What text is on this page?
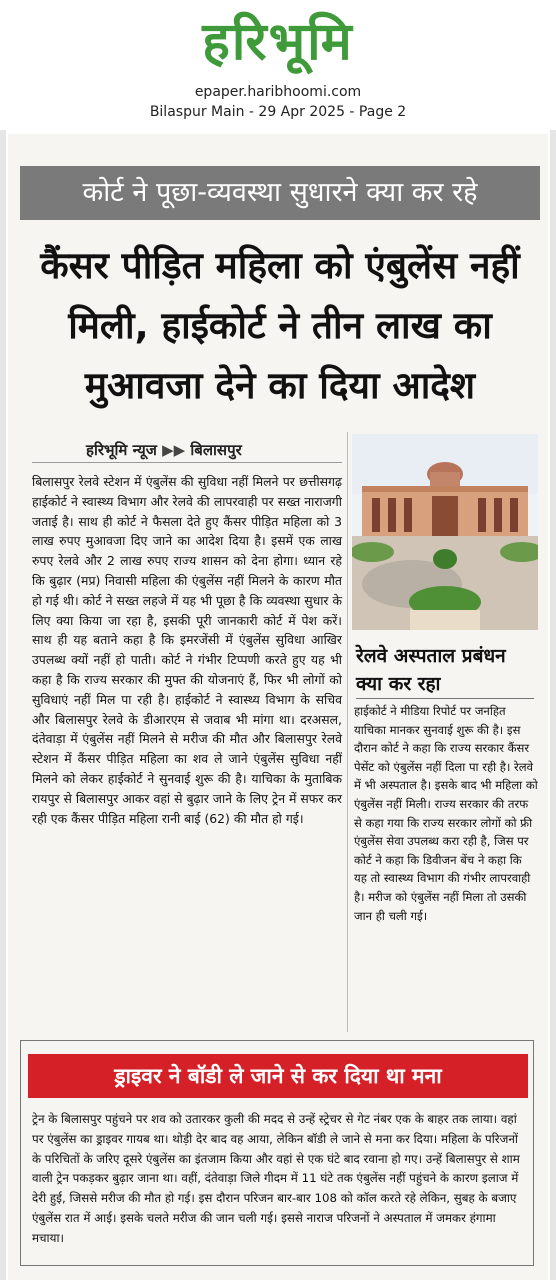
हरिभूमि
epaper.haribhoomi.com
Bilaspur Main - 29 Apr 2025 - Page 2
कोर्ट ने पूछा-व्यवस्था सुधारने क्या कर रहे
कैंसर पीड़ित महिला को एंबुलेंस नहीं मिली, हाईकोर्ट ने तीन लाख का मुआवजा देने का दिया आदेश
हरिभूमि न्यूज ▶▶ बिलासपुर
बिलासपुर रेलवे स्टेशन में एंबुलेंस की सुविधा नहीं मिलने पर छत्तीसगढ़ हाईकोर्ट ने स्वास्थ्य विभाग और रेलवे की लापरवाही पर सख्त नाराजगी जताई है। साथ ही कोर्ट ने फैसला देते हुए कैंसर पीड़ित महिला को 3 लाख रुपए मुआवजा दिए जाने का आदेश दिया है। इसमें एक लाख रुपए रेलवे और 2 लाख रुपए राज्य शासन को देना होगा। ध्यान रहे कि बुढ़ार (मप्र) निवासी महिला की एंबुलेंस नहीं मिलने के कारण मौत हो गई थी। कोर्ट ने सख्त लहजे में यह भी पूछा है कि व्यवस्था सुधार के लिए क्या किया जा रहा है, इसकी पूरी जानकारी कोर्ट में पेश करें। साथ ही यह बताने कहा है कि इमरजेंसी में एंबुलेंस सुविधा आखिर उपलब्ध क्यों नहीं हो पाती। कोर्ट ने गंभीर टिप्पणी करते हुए यह भी कहा है कि राज्य सरकार की मुफ्त की योजनाएं हैं, फिर भी लोगों को सुविधाएं नहीं मिल पा रही है। हाईकोर्ट ने स्वास्थ्य विभाग के सचिव और बिलासपुर रेलवे के डीआरएम से जवाब भी मांगा था। दरअसल, दंतेवाड़ा में एंबुलेंस नहीं मिलने से मरीज की मौत और बिलासपुर रेलवे स्टेशन में कैंसर पीड़ित महिला का शव ले जाने एंबुलेंस सुविधा नहीं मिलने को लेकर हाईकोर्ट ने सुनवाई शुरू की है। याचिका के मुताबिक रायपुर से बिलासपुर आकर वहां से बुढ़ार जाने के लिए ट्रेन में सफर कर रही एक कैंसर पीड़ित महिला रानी बाई (62) की मौत हो गई।
रेलवे अस्पताल प्रबंधन क्या कर रहा
हाईकोर्ट ने मीडिया रिपोर्ट पर जनहित याचिका मानकर सुनवाई शुरू की है। इस दौरान कोर्ट ने कहा कि राज्य सरकार कैंसर पेसेंट को एंबुलेंस नहीं दिला पा रही है। रेलवे में भी अस्पताल है। इसके बाद भी महिला को एंबुलेंस नहीं मिली। राज्य सरकार की तरफ से कहा गया कि राज्य सरकार लोगों को फ्री एंबुलेंस सेवा उपलब्ध करा रही है, जिस पर कोर्ट ने कहा कि डिवीजन बेंच ने कहा कि यह तो स्वास्थ्य विभाग की गंभीर लापरवाही है। मरीज को एंबुलेंस नहीं मिला तो उसकी जान ही चली गई।
ड्राइवर ने बॉडी ले जाने से कर दिया था मना
ट्रेन के बिलासपुर पहुंचने पर शव को उतारकर कुली की मदद से उन्हें स्ट्रेचर से गेट नंबर एक के बाहर तक लाया। वहां पर एंबुलेंस का ड्राइवर गायब था। थोड़ी देर बाद वह आया, लेकिन बॉडी ले जाने से मना कर दिया। महिला के परिजनों के परिचितों के जरिए दूसरे एंबुलेंस का इंतजाम किया और वहां से एक घंटे बाद रवाना हो गए। उन्हें बिलासपुर से शाम वाली ट्रेन पकड़कर बुढ़ार जाना था। वहीं, दंतेवाड़ा जिले गीदम में 11 घंटे तक एंबुलेंस नहीं पहुंचने के कारण इलाज में देरी हुई, जिससे मरीज की मौत हो गई। इस दौरान परिजन बार-बार 108 को कॉल करते रहे लेकिन, सुबह के बजाए एंबुलेंस रात में आई। इसके चलते मरीज की जान चली गई। इससे नाराज परिजनों ने अस्पताल में जमकर हंगामा मचाया।
